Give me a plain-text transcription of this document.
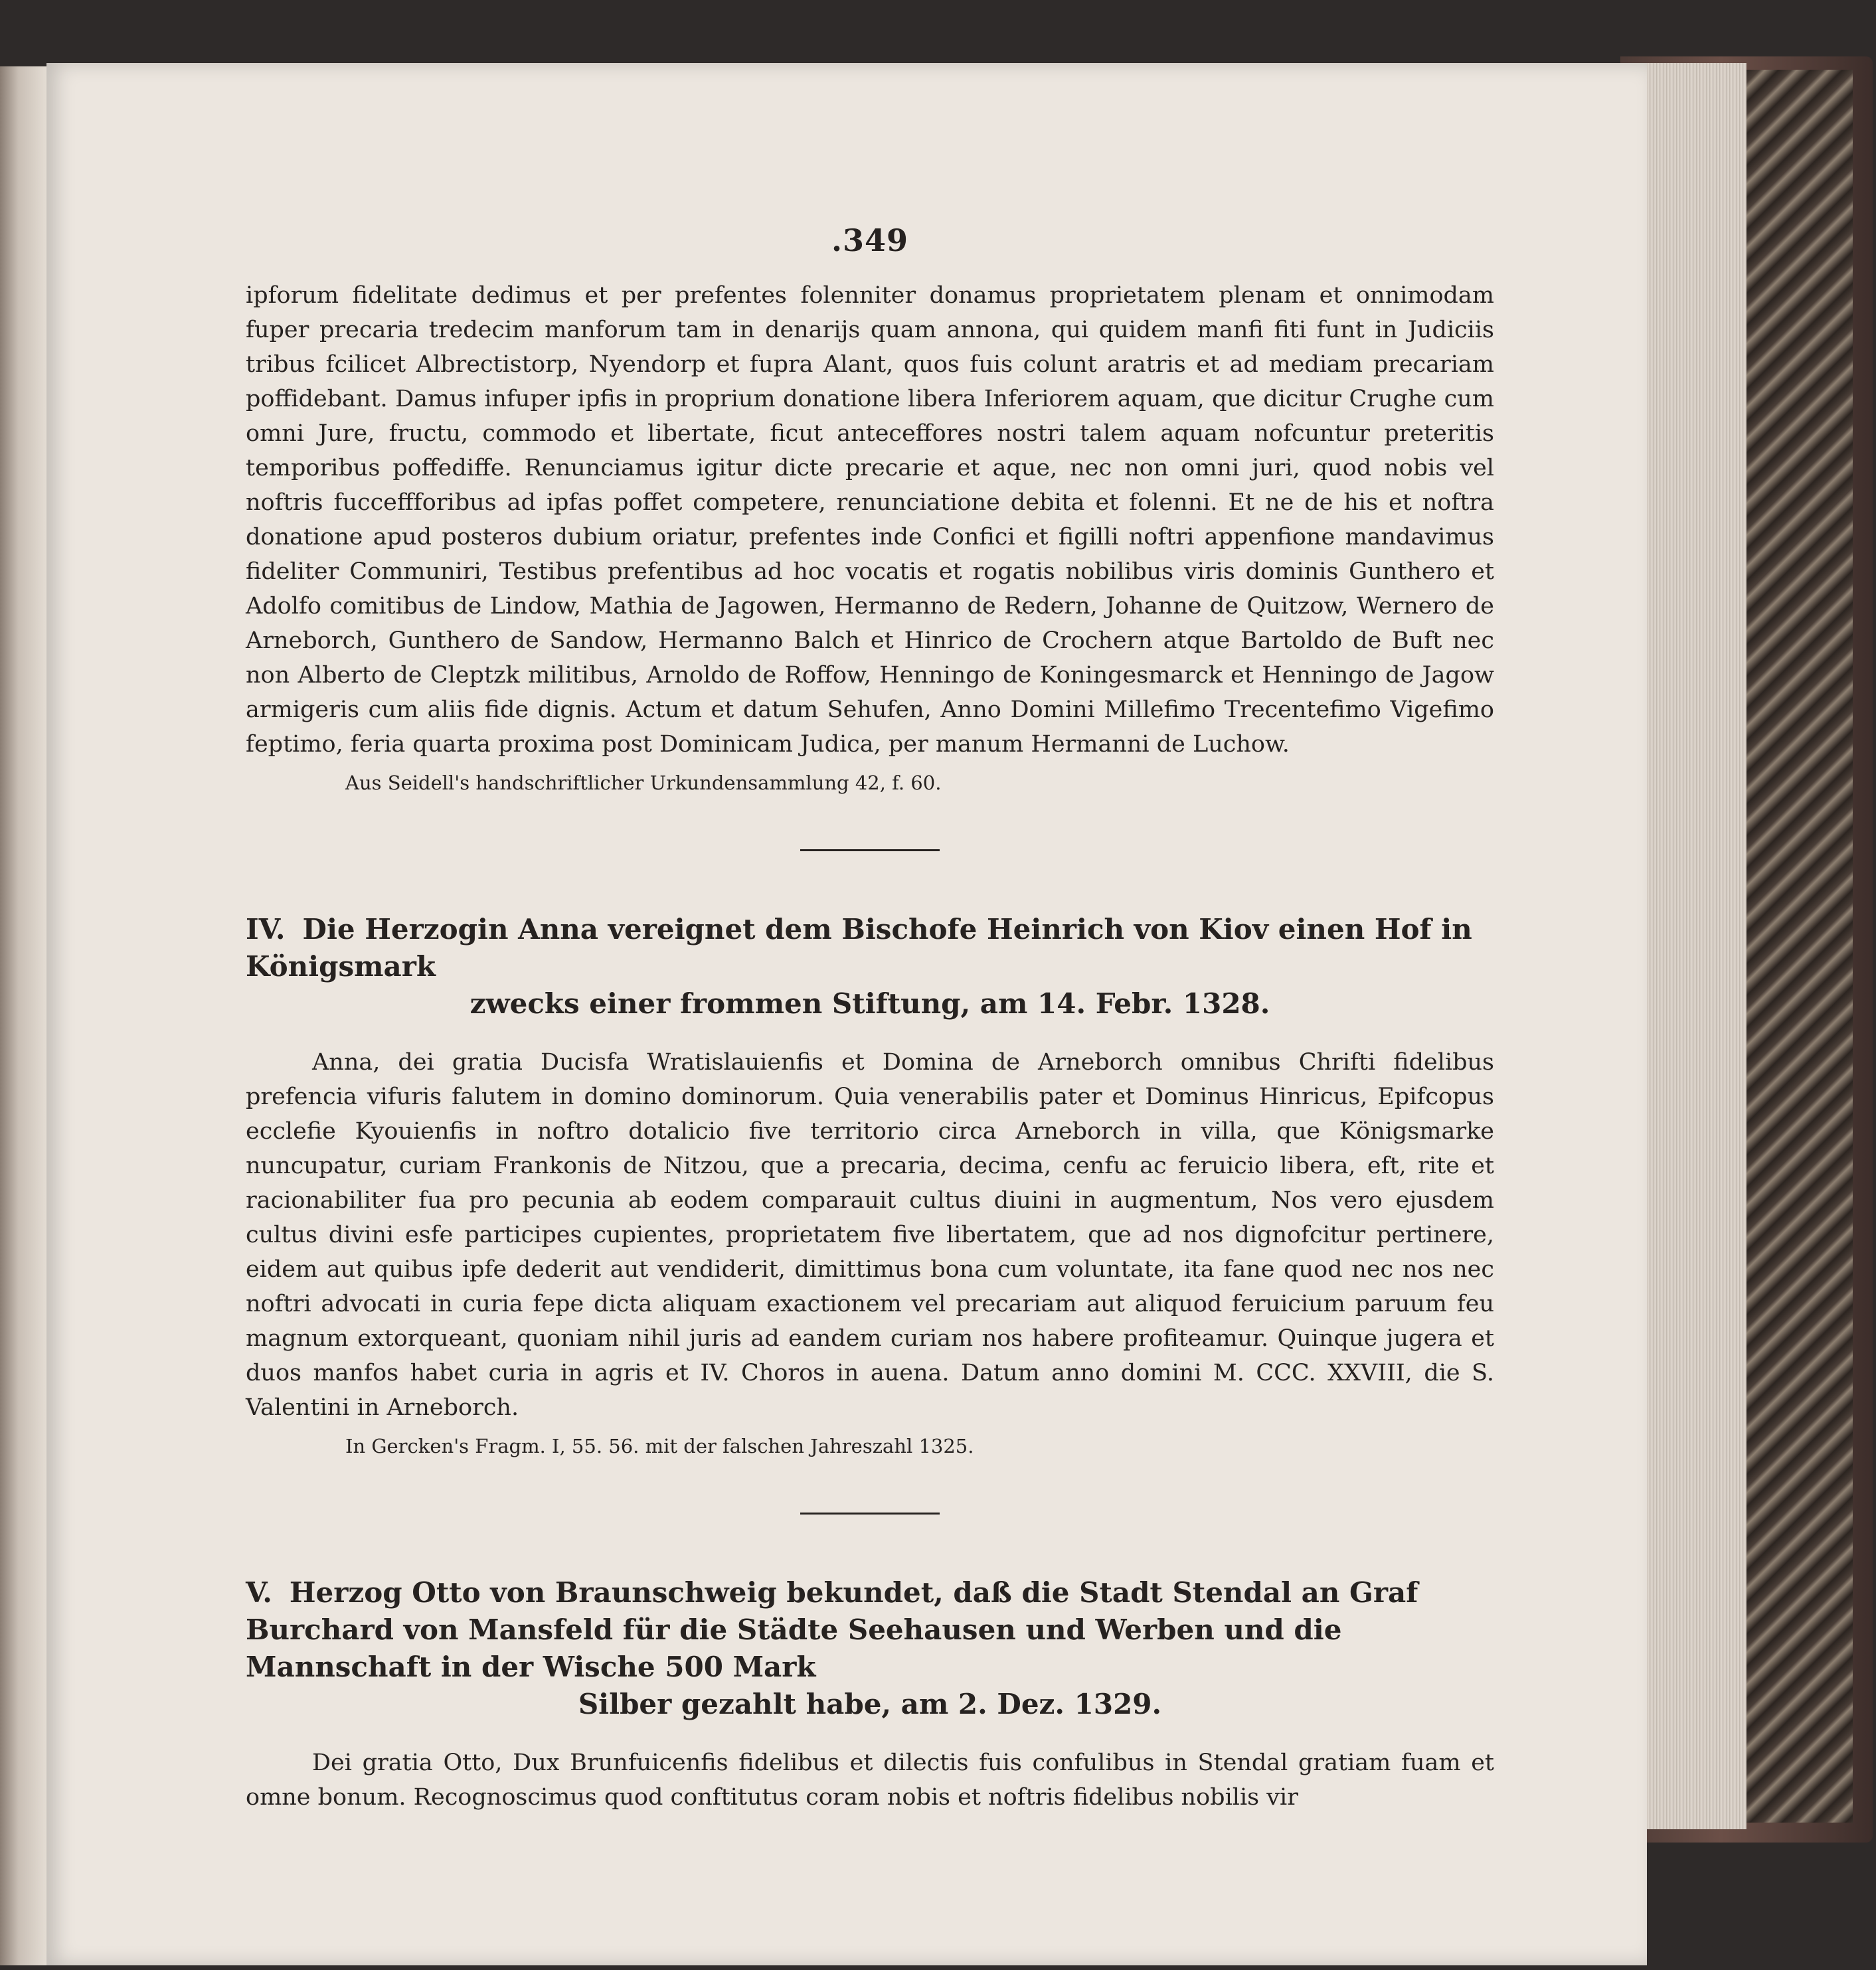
.349

ipforum fidelitate dedimus et per prefentes folenniter donamus proprietatem plenam et onnimodam fuper precaria tredecim manforum tam in denarijs quam annona, qui quidem manfi fiti funt in Judiciis tribus fcilicet Albrectistorp, Nyendorp et fupra Alant, quos fuis colunt aratris et ad mediam precariam poffidebant. Damus infuper ipfis in proprium donatione libera Inferiorem aquam, que dicitur Crughe cum omni Jure, fructu, commodo et libertate, ficut anteceffores nostri talem aquam nofcuntur preteritis temporibus poffediffe. Renunciamus igitur dicte precarie et aque, nec non omni juri, quod nobis vel noftris fucceffforibus ad ipfas poffet competere, renunciatione debita et folenni. Et ne de his et noftra donatione apud posteros dubium oriatur, prefentes inde Confici et figilli noftri appenfione mandavimus fideliter Communiri, Testibus prefentibus ad hoc vocatis et rogatis nobilibus viris dominis Gunthero et Adolfo comitibus de Lindow, Mathia de Jagowen, Hermanno de Redern, Johanne de Quitzow, Wernero de Arneborch, Gunthero de Sandow, Hermanno Balch et Hinrico de Crochern atque Bartoldo de Buft nec non Alberto de Cleptzk militibus, Arnoldo de Roffow, Henningo de Koningesmarck et Henningo de Jagow armigeris cum aliis fide dignis. Actum et datum Sehufen, Anno Domini Millefimo Trecentefimo Vigefimo feptimo, feria quarta proxima post Dominicam Judica, per manum Hermanni de Luchow.

Aus Seidell's handschriftlicher Urkundensammlung 42, f. 60.
IV. Die Herzogin Anna vereignet dem Bischofe Heinrich von Kiov einen Hof in Königsmark
zwecks einer frommen Stiftung, am 14. Febr. 1328.

Anna, dei gratia Ducisfa Wratislauienfis et Domina de Arneborch omnibus Chrifti fidelibus prefencia vifuris falutem in domino dominorum. Quia venerabilis pater et Dominus Hinricus, Epifcopus ecclefie Kyouienfis in noftro dotalicio five territorio circa Arneborch in villa, que Königsmarke nuncupatur, curiam Frankonis de Nitzou, que a precaria, decima, cenfu ac feruicio libera, eft, rite et racionabiliter fua pro pecunia ab eodem comparauit cultus diuini in augmentum, Nos vero ejusdem cultus divini esfe participes cupientes, proprietatem five libertatem, que ad nos dignofcitur pertinere, eidem aut quibus ipfe dederit aut vendiderit, dimittimus bona cum voluntate, ita fane quod nec nos nec noftri advocati in curia fepe dicta aliquam exactionem vel precariam aut aliquod feruicium paruum feu magnum extorqueant, quoniam nihil juris ad eandem curiam nos habere profiteamur. Quinque jugera et duos manfos habet curia in agris et IV. Choros in auena. Datum anno domini M. CCC. XXVIII, die S. Valentini in Arneborch.

In Gercken's Fragm. I, 55. 56. mit der falschen Jahreszahl 1325.
V. Herzog Otto von Braunschweig bekundet, daß die Stadt Stendal an Graf Burchard von Mansfeld für die Städte Seehausen und Werben und die Mannschaft in der Wische 500 Mark
Silber gezahlt habe, am 2. Dez. 1329.

Dei gratia Otto, Dux Brunfuicenfis fidelibus et dilectis fuis confulibus in Stendal gratiam fuam et omne bonum. Recognoscimus quod conftitutus coram nobis et noftris fidelibus nobilis vir
